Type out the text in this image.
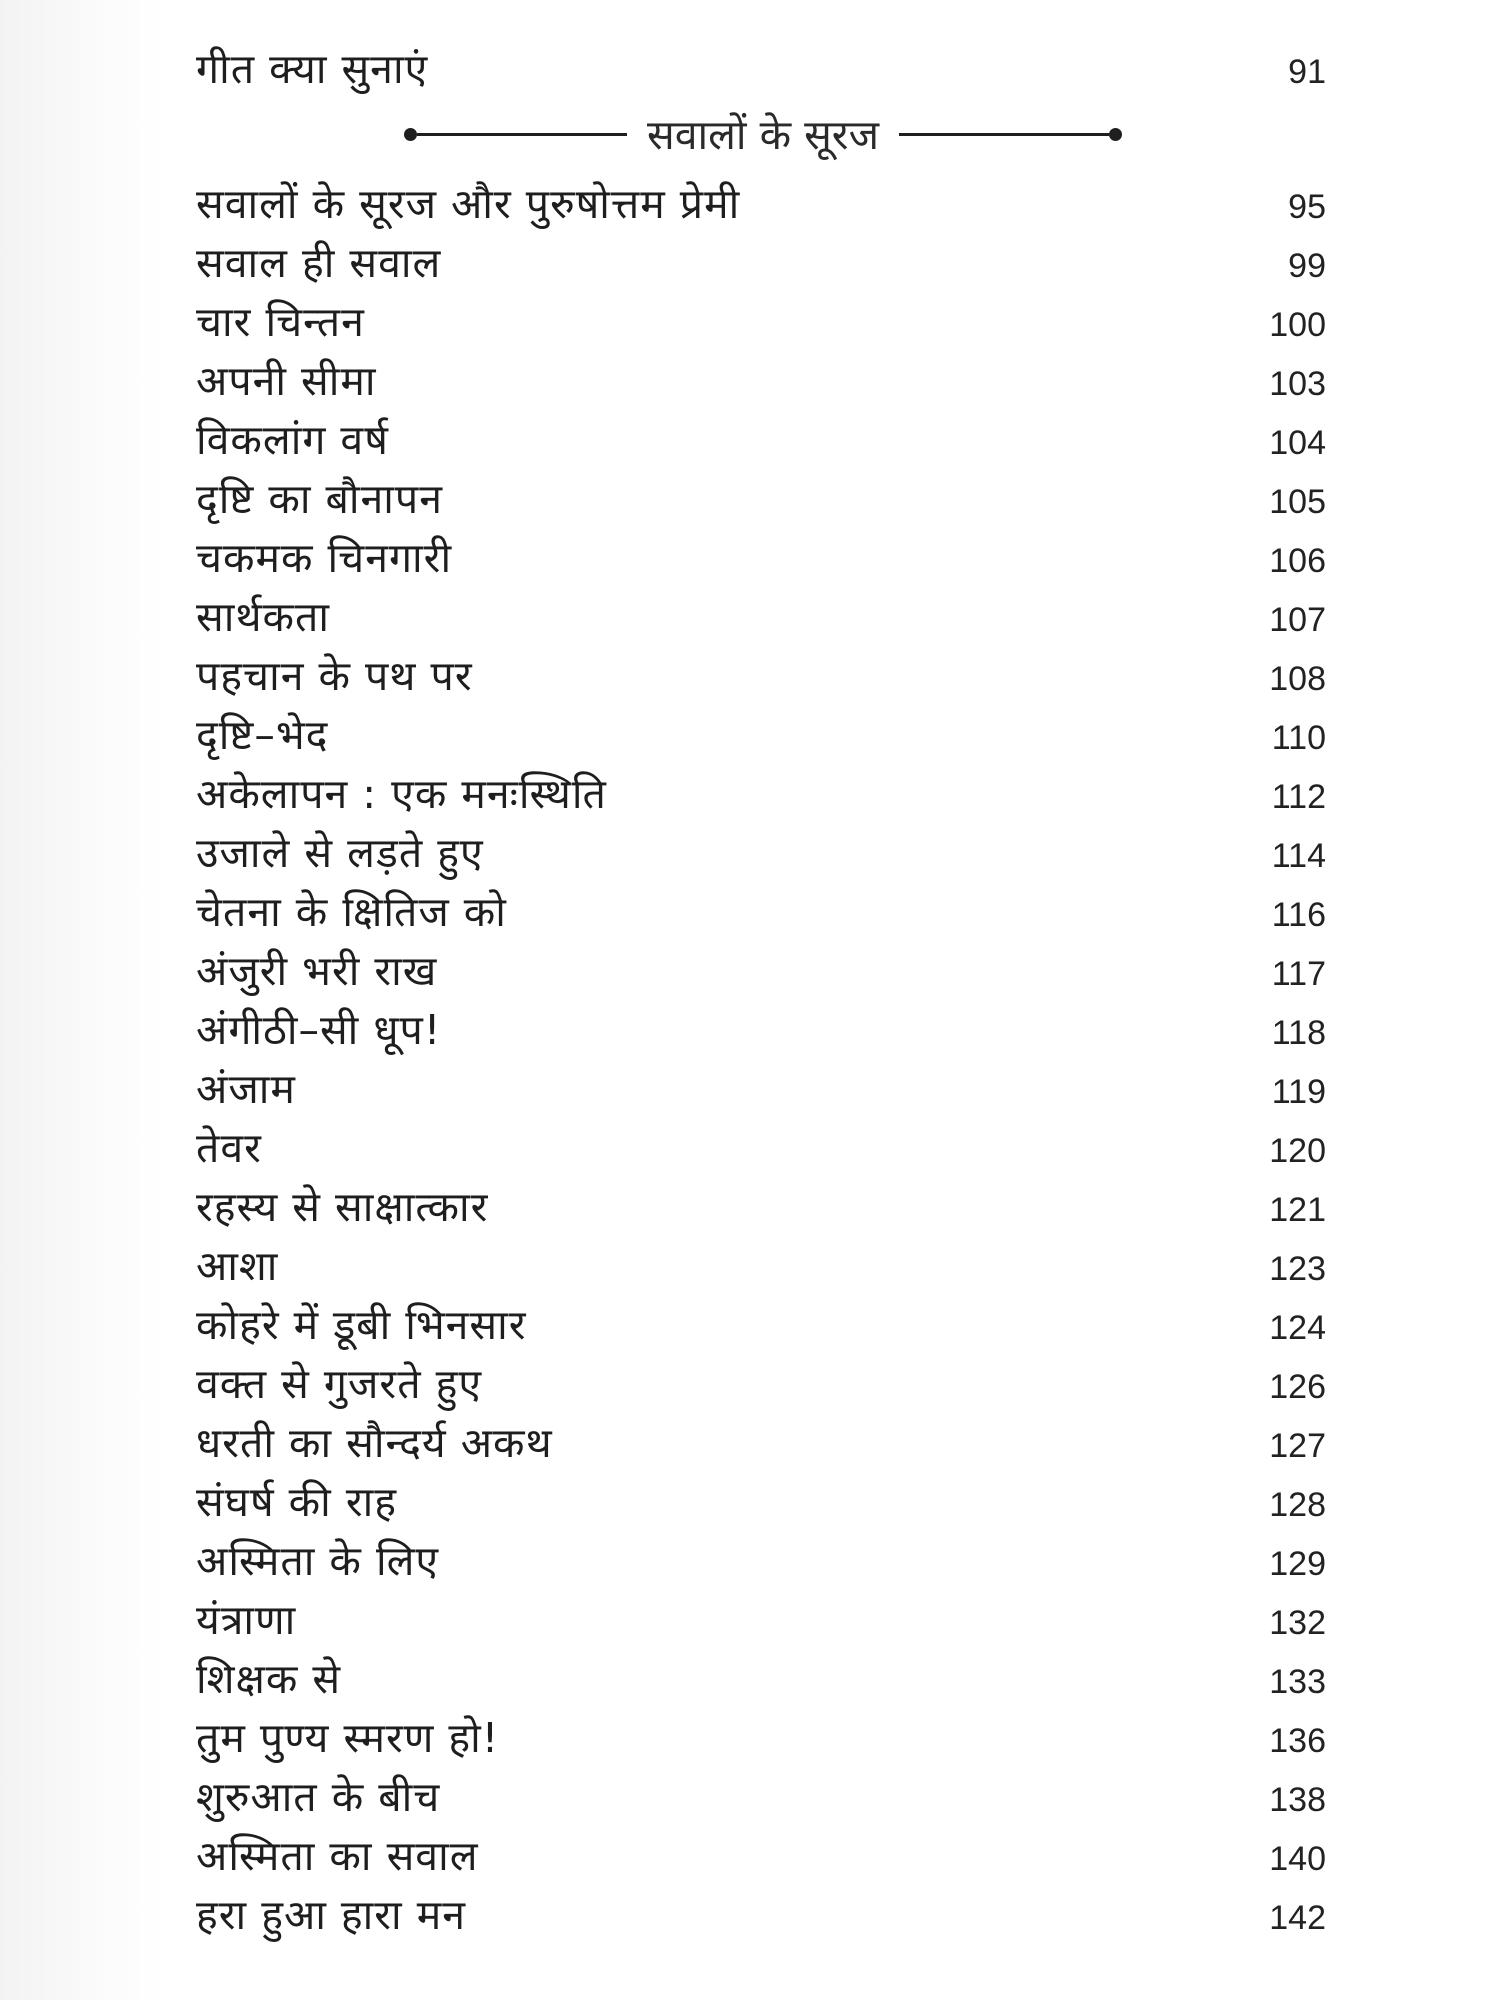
गीत क्या सुनाएं	91
सवालों के सूरज
सवालों के सूरज और पुरुषोत्तम प्रेमी	95
सवाल ही सवाल	99
चार चिन्तन	100
अपनी सीमा	103
विकलांग वर्ष	104
दृष्टि का बौनापन	105
चकमक चिनगारी	106
सार्थकता	107
पहचान के पथ पर	108
दृष्टि–भेद	110
अकेलापन : एक मनःस्थिति	112
उजाले से लड़ते हुए	114
चेतना के क्षितिज को	116
अंजुरी भरी राख	117
अंगीठी–सी धूप!	118
अंजाम	119
तेवर	120
रहस्य से साक्षात्कार	121
आशा	123
कोहरे में डूबी भिनसार	124
वक्त से गुजरते हुए	126
धरती का सौन्दर्य अकथ	127
संघर्ष की राह	128
अस्मिता के लिए	129
यंत्राणा	132
शिक्षक से	133
तुम पुण्य स्मरण हो!	136
शुरुआत के बीच	138
अस्मिता का सवाल	140
हरा हुआ हारा मन	142
